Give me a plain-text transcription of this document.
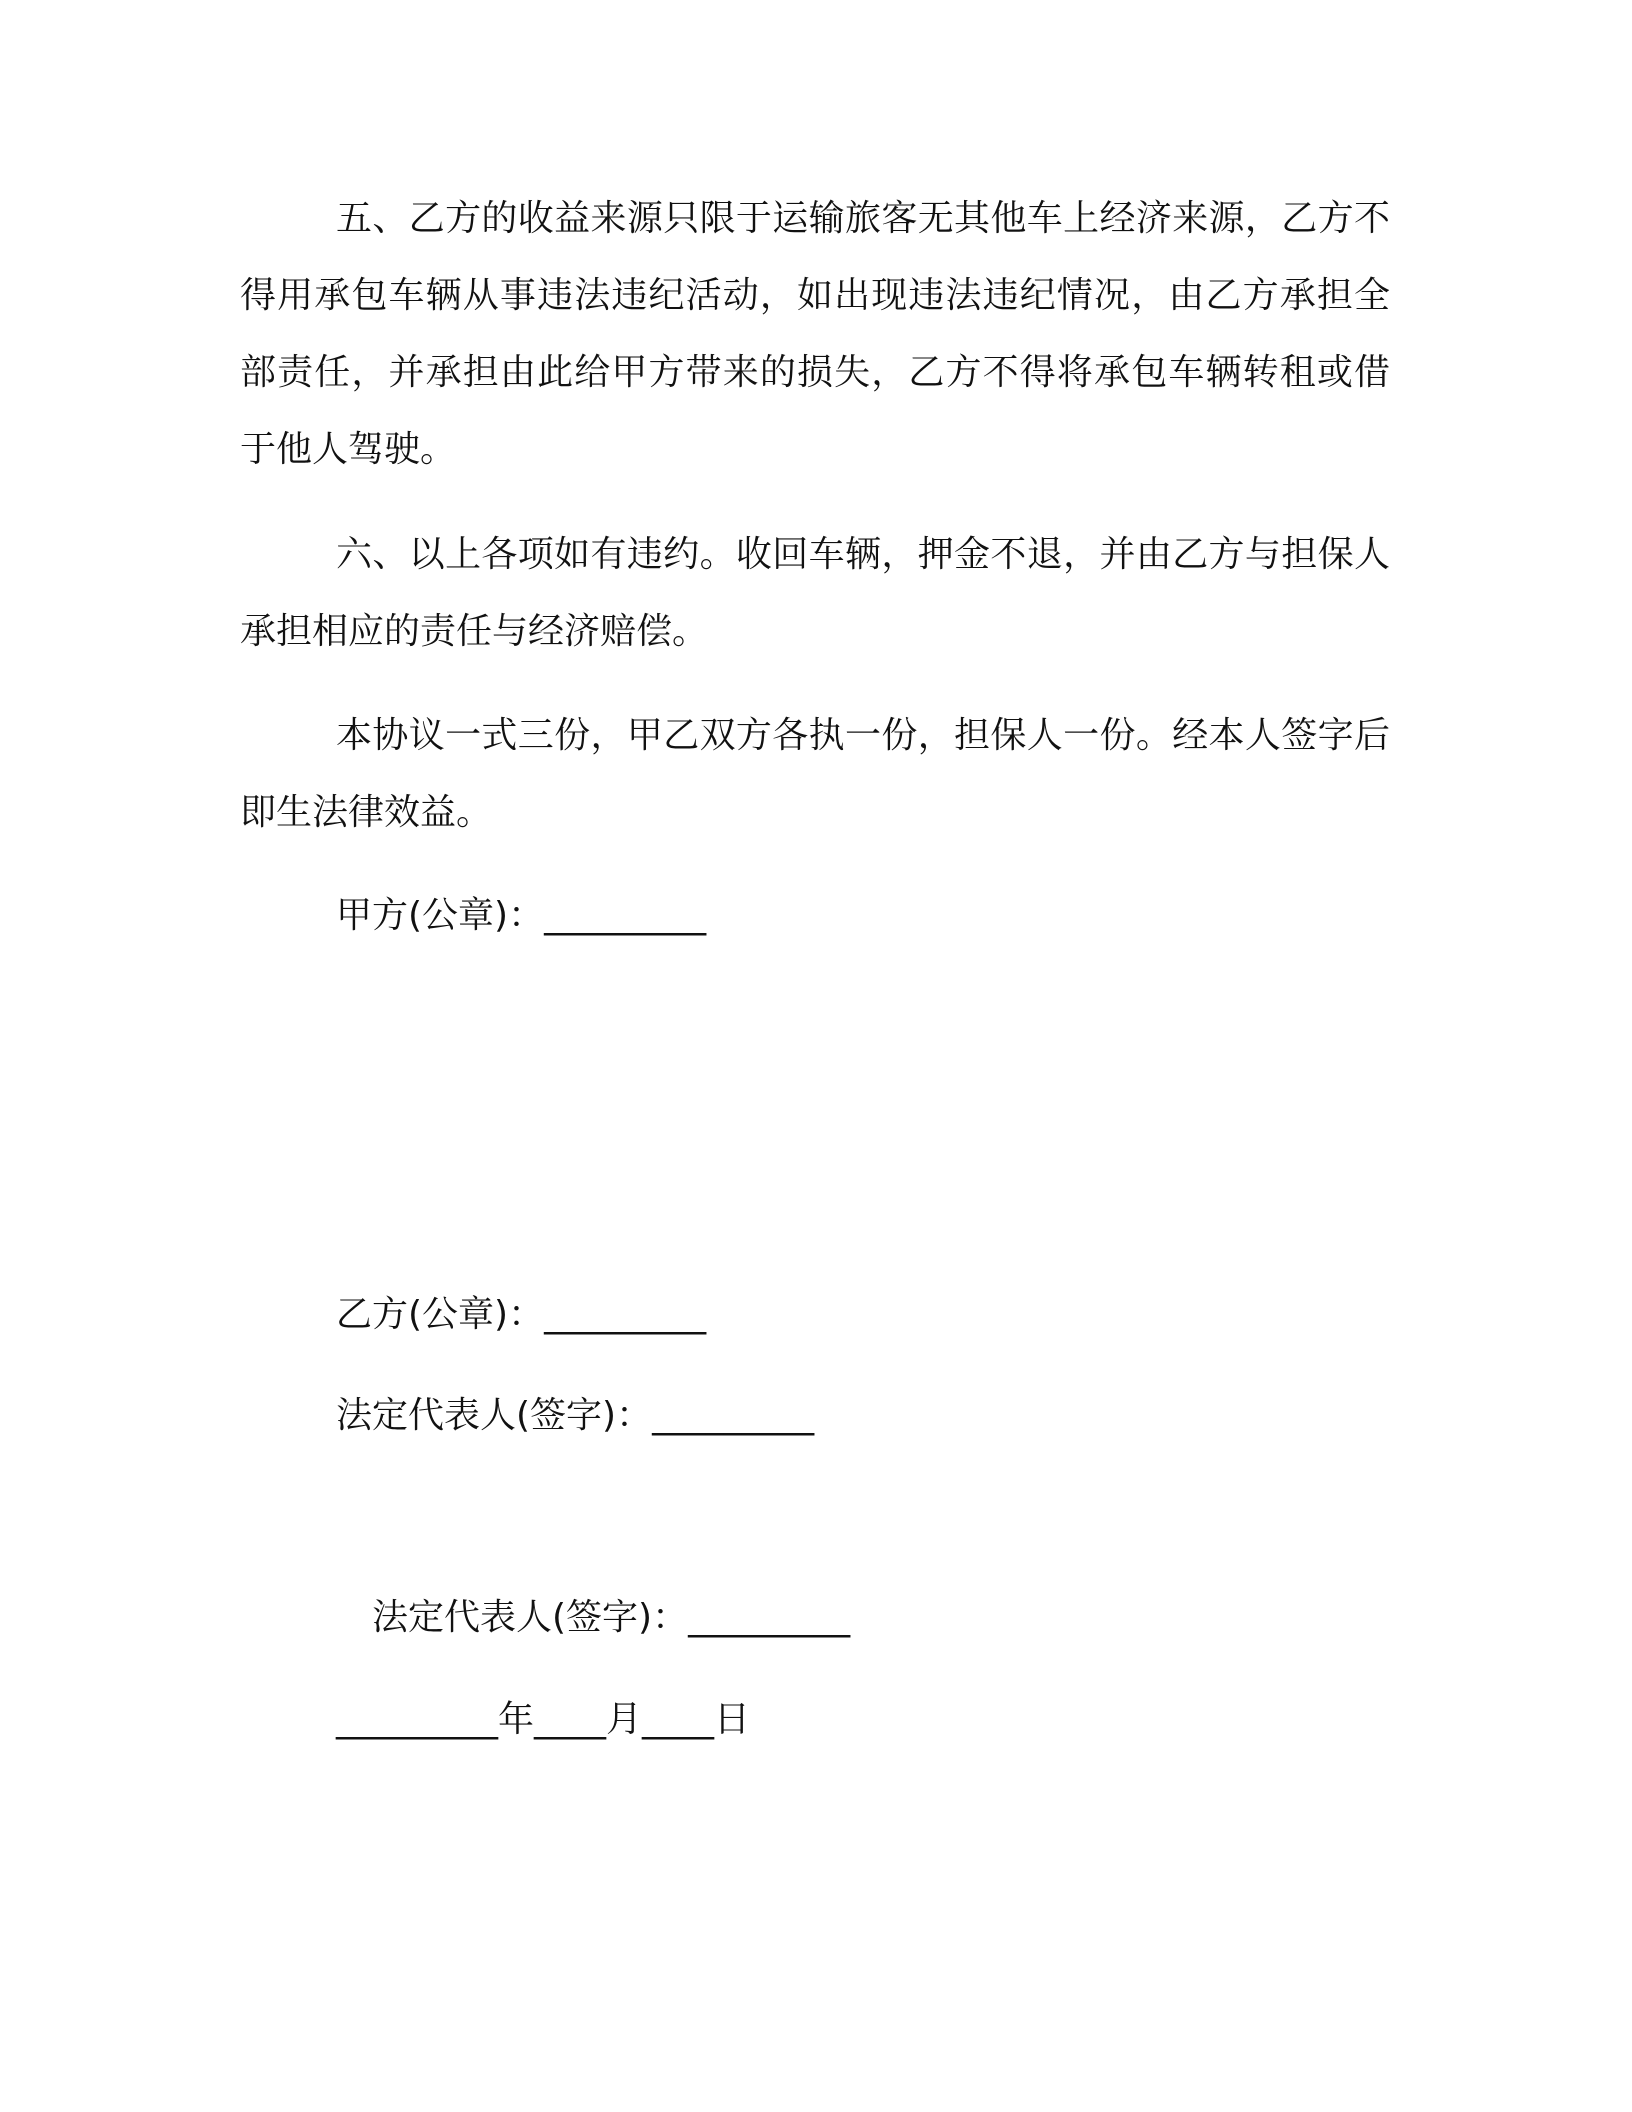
五、乙方的收益来源只限于运输旅客无其他车上经济来源，乙方不得用承包车辆从事违法违纪活动，如出现违法违纪情况，由乙方承担全部责任，并承担由此给甲方带来的损失，乙方不得将承包车辆转租或借于他人驾驶。

六、以上各项如有违约。收回车辆，押金不退，并由乙方与担保人承担相应的责任与经济赔偿。

本协议一式三份，甲乙双方各执一份，担保人一份。经本人签字后即生法律效益。

甲方(公章)：_________
乙方(公章)：_________
法定代表人(签字)：_________
法定代表人(签字)：_________
_________年____月____日
